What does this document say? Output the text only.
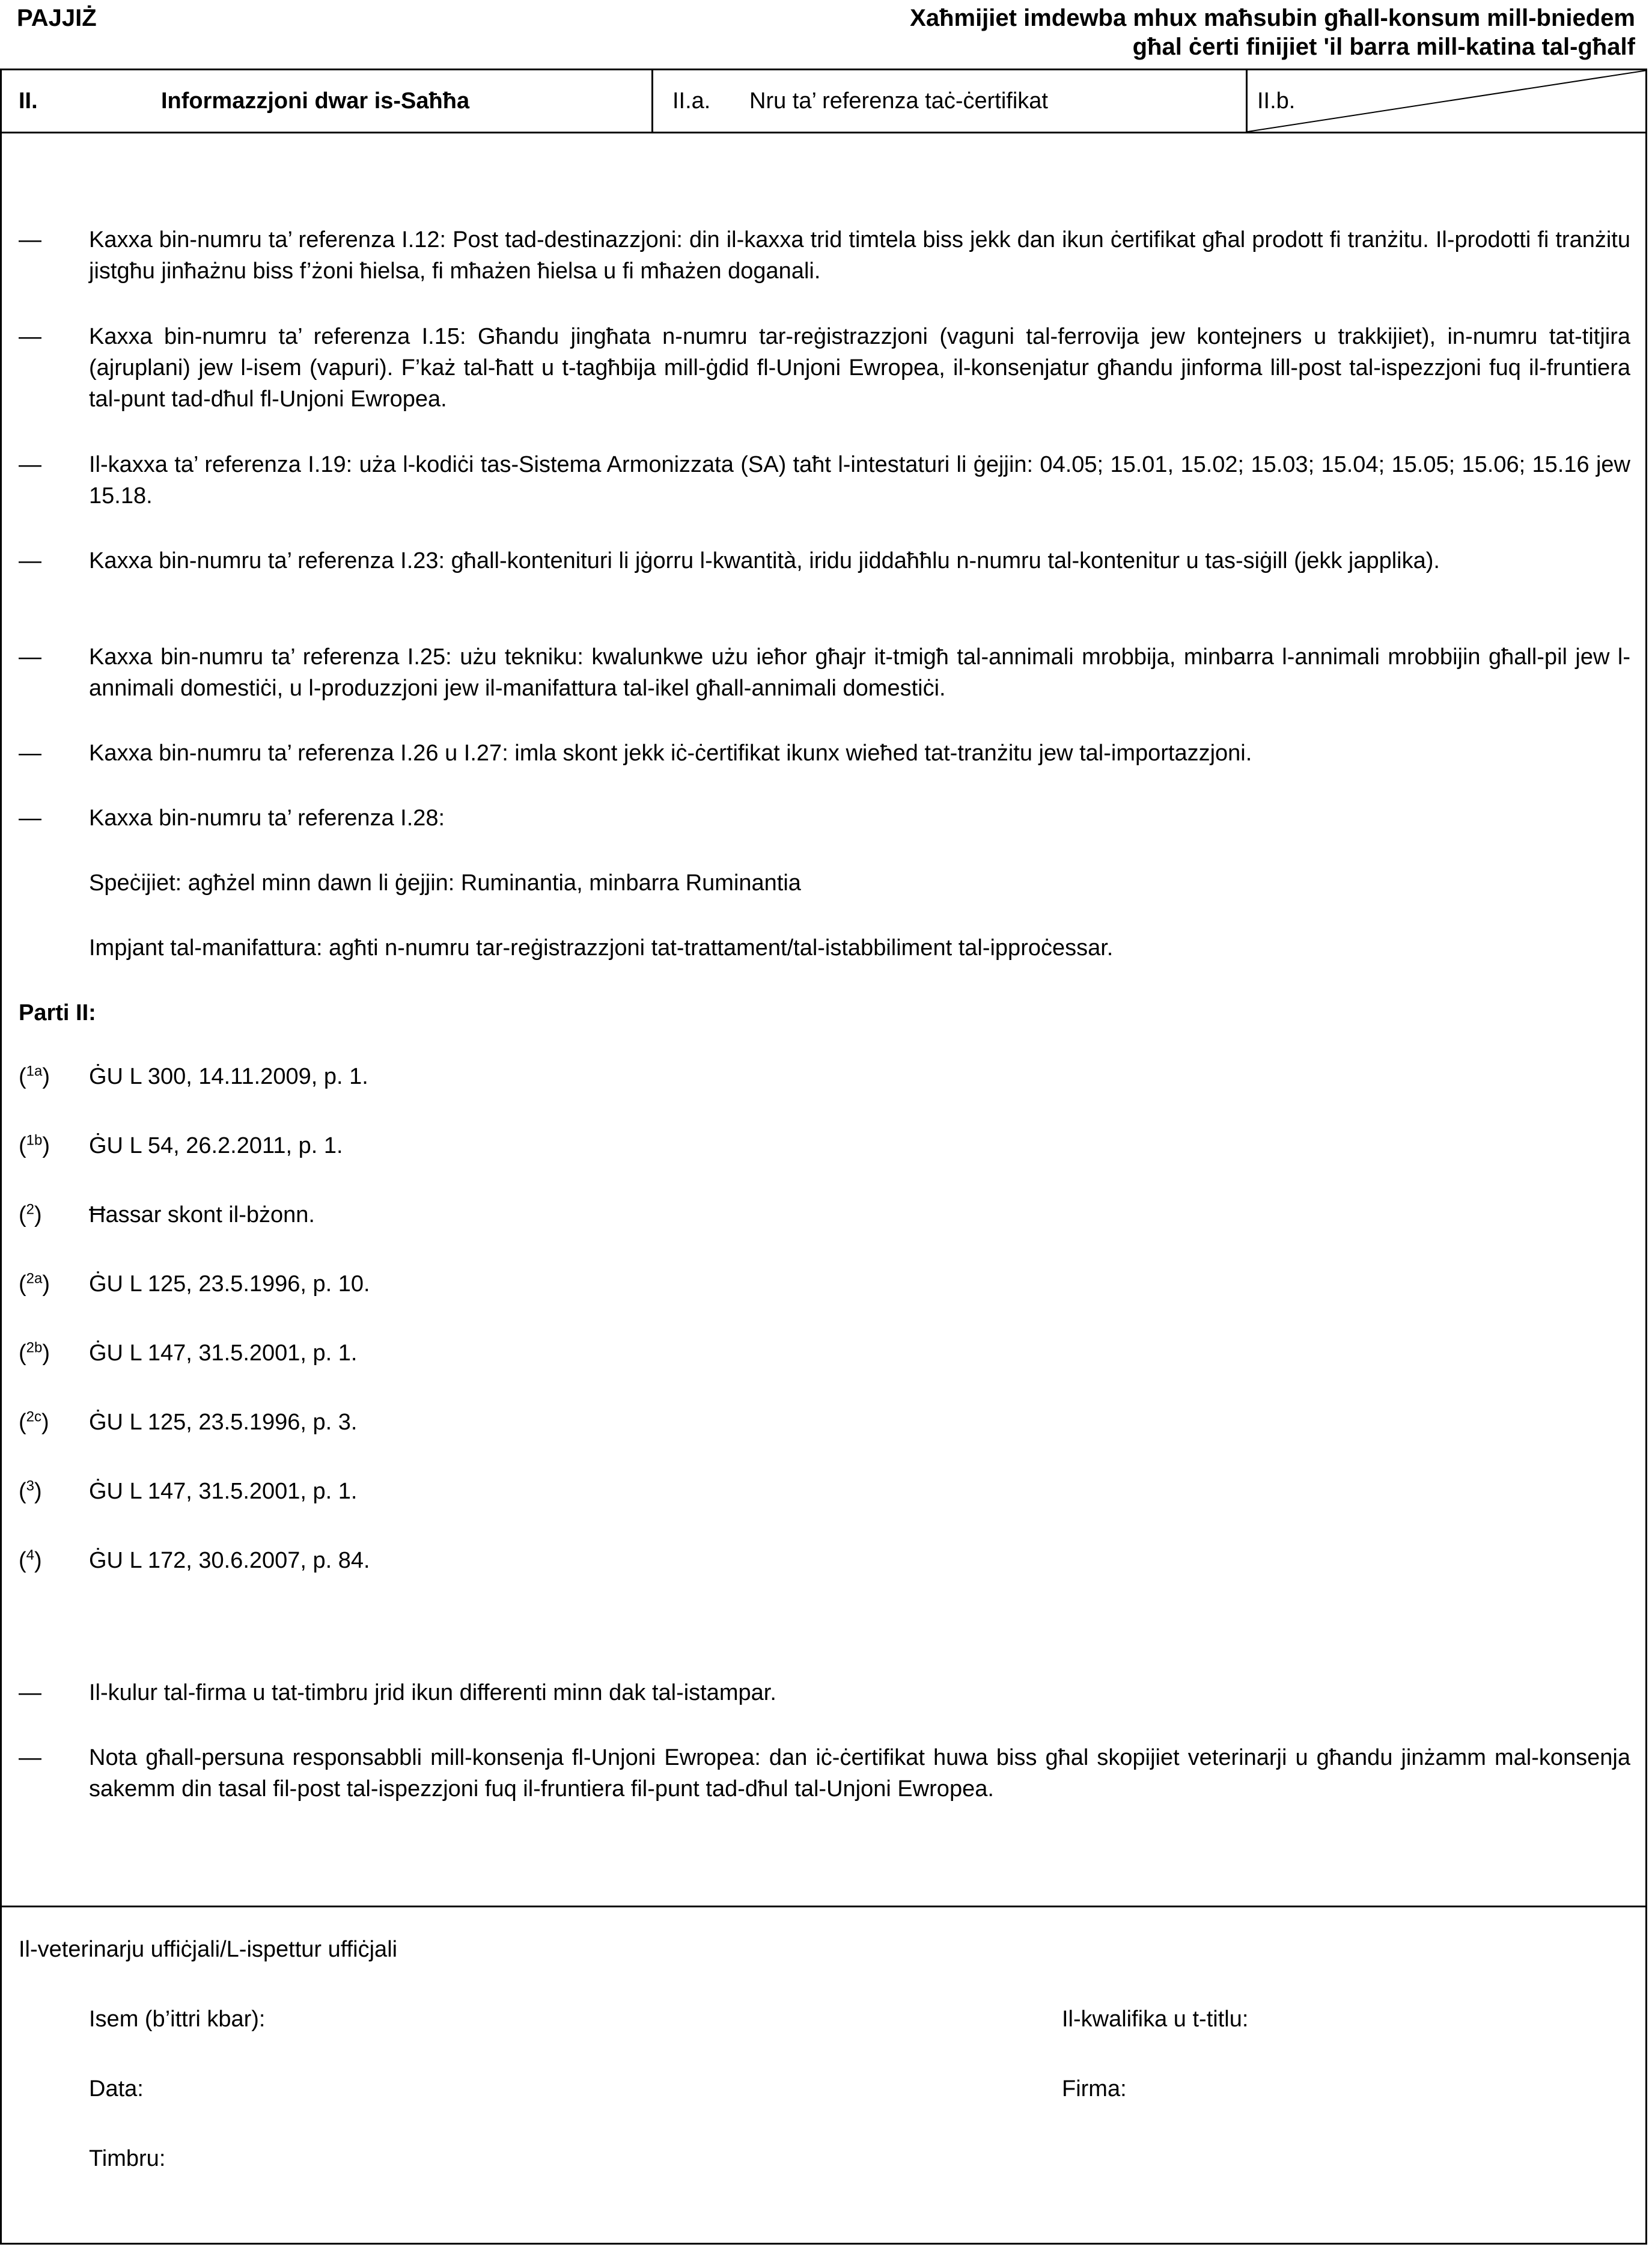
PAJJIŻ	Xaħmijiet imdewba mhux maħsubin għall-konsum mill-bniedem għal ċerti finijiet 'il barra mill-katina tal-għalf
II.	Informazzjoni dwar is-Saħħa	II.a. Nru ta’ referenza taċ-ċertifikat	II.b.
— Kaxxa bin-numru ta’ referenza I.12: Post tad-destinazzjoni: din il-kaxxa trid timtela biss jekk dan ikun ċertifikat għal prodott fi tranżitu. Il-prodotti fi tranżitu jistgħu jinħażnu biss f’żoni ħielsa, fi mħażen ħielsa u fi mħażen doganali.
— Kaxxa bin-numru ta’ referenza I.15: Għandu jingħata n-numru tar-reġistrazzjoni (vaguni tal-ferrovija jew kontejners u trakkijiet), in-numru tat-titjira (ajruplani) jew l-isem (vapuri). F’każ tal-ħatt u t-tagħbija mill-ġdid fl-Unjoni Ewropea, il-konsenjatur għandu jinforma lill-post tal-ispezzjoni fuq il-fruntiera tal-punt tad-dħul fl-Unjoni Ewropea.
— Il-kaxxa ta’ referenza I.19: uża l-kodiċi tas-Sistema Armonizzata (SA) taħt l-intestaturi li ġejjin: 04.05; 15.01, 15.02; 15.03; 15.04; 15.05; 15.06; 15.16 jew 15.18.
— Kaxxa bin-numru ta’ referenza I.23: għall-kontenituri li jġorru l-kwantità, iridu jiddaħħlu n-numru tal-kontenitur u tas-siġill (jekk japplika).
— Kaxxa bin-numru ta’ referenza I.25: użu tekniku: kwalunkwe użu ieħor għajr it-tmigħ tal-annimali mrobbija, minbarra l-annimali mrobbijin għall-pil jew l-annimali domestiċi, u l-produzzjoni jew il-manifattura tal-ikel għall-annimali domestiċi.
— Kaxxa bin-numru ta’ referenza I.26 u I.27: imla skont jekk iċ-ċertifikat ikunx wieħed tat-tranżitu jew tal-importazzjoni.
— Kaxxa bin-numru ta’ referenza I.28:
Speċijiet: agħżel minn dawn li ġejjin: Ruminantia, minbarra Ruminantia
Impjant tal-manifattura: agħti n-numru tar-reġistrazzjoni tat-trattament/tal-istabbiliment tal-ipproċessar.
Parti II:
($^{1a}$) ĠU L 300, 14.11.2009, p. 1.
($^{1b}$) ĠU L 54, 26.2.2011, p. 1.
($^2$) Ħassar skont il-bżonn.
($^{2a}$) ĠU L 125, 23.5.1996, p. 10.
($^{2b}$) ĠU L 147, 31.5.2001, p. 1.
($^{2c}$) ĠU L 125, 23.5.1996, p. 3.
($^3$) ĠU L 147, 31.5.2001, p. 1.
($^4$) ĠU L 172, 30.6.2007, p. 84.
— Il-kulur tal-firma u tat-timbru jrid ikun differenti minn dak tal-istampar.
— Nota għall-persuna responsabbli mill-konsenja fl-Unjoni Ewropea: dan iċ-ċertifikat huwa biss għal skopijiet veterinarji u għandu jinżamm mal-konsenja sakemm din tasal fil-post tal-ispezzjoni fuq il-fruntiera fil-punt tad-dħul tal-Unjoni Ewropea.
Il-veterinarju uffiċjali/L-ispettur uffiċjali
Isem (b’ittri kbar):	Il-kwalifika u t-titlu:
Data:	Firma:
Timbru:
